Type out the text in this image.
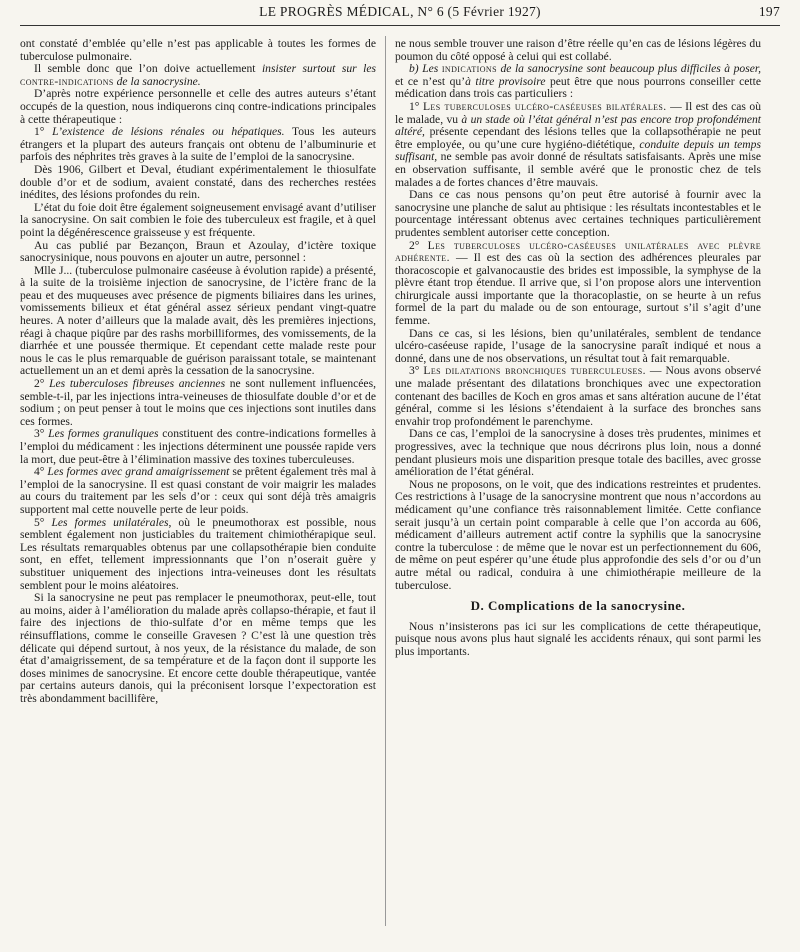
LE PROGRÈS MÉDICAL, N° 6 (5 Février 1927)	197

ont constaté d’emblée qu’elle n’est pas applicable à toutes les formes de tuberculose pulmonaire.

Il semble donc que l’on doive actuellement insister surtout sur les contre-indications de la sanocrysine.

D’après notre expérience personnelle et celle des autres auteurs s’étant occupés de la question, nous indiquerons cinq contre-indications principales à cette thérapeutique :

1° L’existence de lésions rénales ou hépatiques. Tous les auteurs étrangers et la plupart des auteurs français ont obtenu de l’albuminurie et parfois des néphrites très graves à la suite de l’emploi de la sanocrysine.

Dès 1906, Gilbert et Deval, étudiant expérimentalement le thiosulfate double d’or et de sodium, avaient constaté, dans des recherches restées inédites, des lésions profondes du rein.

L’état du foie doit être également soigneusement envisagé avant d’utiliser la sanocrysine. On sait combien le foie des tuberculeux est fragile, et à quel point la dégénérescence graisseuse y est fréquente.

Au cas publié par Bezançon, Braun et Azoulay, d’ictère toxique sanocrysinique, nous pouvons en ajouter un autre, personnel :

Mlle J... (tuberculose pulmonaire caséeuse à évolution rapide) a présenté, à la suite de la troisième injection de sanocrysine, de l’ictère franc de la peau et des muqueuses avec présence de pigments biliaires dans les urines, vomissements bilieux et état général assez sérieux pendant vingt-quatre heures. A noter d’ailleurs que la malade avait, dès les premières injections, réagi à chaque piqûre par des rashs morbilliformes, des vomissements, de la diarrhée et une poussée thermique. Et cependant cette malade reste pour nous le cas le plus remarquable de guérison paraissant totale, se maintenant actuellement un an et demi après la cessation de la sanocrysine.

2° Les tuberculoses fibreuses anciennes ne sont nullement influencées, semble-t-il, par les injections intra-veineuses de thiosulfate double d’or et de sodium ; on peut penser à tout le moins que ces injections sont inutiles dans ces formes.

3° Les formes granuliques constituent des contre-indications formelles à l’emploi du médicament : les injections déterminent une poussée rapide vers la mort, due peut-être à l’élimination massive des toxines tuberculeuses.

4° Les formes avec grand amaigrissement se prêtent également très mal à l’emploi de la sanocrysine. Il est quasi constant de voir maigrir les malades au cours du traitement par les sels d’or : ceux qui sont déjà très amaigris supportent mal cette nouvelle perte de leur poids.

5° Les formes unilatérales, où le pneumothorax est possible, nous semblent également non justiciables du traitement chimiothérapique seul. Les résultats remarquables obtenus par une collapsothérapie bien conduite sont, en effet, tellement impressionnants que l’on n’oserait guère y substituer uniquement des injections intra-veineuses dont les résultats semblent pour le moins aléatoires.

Si la sanocrysine ne peut pas remplacer le pneumothorax, peut-elle, tout au moins, aider à l’amélioration du malade après collapso-thérapie, et faut il faire des injections de thio-sulfate d’or en même temps que les réinsufflations, comme le conseille Gravesen ? C’est là une question très délicate qui dépend surtout, à nos yeux, de la résistance du malade, de son état d’amaigrissement, de sa température et de la façon dont il supporte les doses minimes de sanocrysine. Et encore cette double thérapeutique, vantée par certains auteurs danois, qui la préconisent lorsque l’expectoration est très abondamment bacillifère,

ne nous semble trouver une raison d’être réelle qu’en cas de lésions légères du poumon du côté opposé à celui qui est collabé.

b) Les indications de la sanocrysine sont beaucoup plus difficiles à poser, et ce n’est qu’à titre provisoire peut être que nous pourrons conseiller cette médication dans trois cas particuliers :

1° Les tuberculoses ulcéro-caséeuses bilatérales. — Il est des cas où le malade, vu à un stade où l’état général n’est pas encore trop profondément altéré, présente cependant des lésions telles que la collapsothérapie ne peut être employée, ou qu’une cure hygiéno-diététique, conduite depuis un temps suffisant, ne semble pas avoir donné de résultats satisfaisants. Après une mise en observation suffisante, il semble avéré que le pronostic chez de tels malades a de fortes chances d’être mauvais.

Dans ce cas nous pensons qu’on peut être autorisé à fournir avec la sanocrysine une planche de salut au phtisique : les résultats incontestables et le pourcentage intéressant obtenus avec certaines techniques particulièrement prudentes semblent autoriser cette conception.

2° Les tuberculoses ulcéro-caséeuses unilatérales avec plèvre adhérente. — Il est des cas où la section des adhérences pleurales par thoracoscopie et galvanocaustie des brides est impossible, la symphyse de la plèvre étant trop étendue. Il arrive que, si l’on propose alors une intervention chirurgicale aussi importante que la thoracoplastie, on se heurte à un refus formel de la part du malade ou de son entourage, surtout s’il s’agit d’une femme.

Dans ce cas, si les lésions, bien qu’unilatérales, semblent de tendance ulcéro-caséeuse rapide, l’usage de la sanocrysine paraît indiqué et nous a donné, dans une de nos observations, un résultat tout à fait remarquable.

3° Les dilatations bronchiques tuberculeuses. — Nous avons observé une malade présentant des dilatations bronchiques avec une expectoration contenant des bacilles de Koch en gros amas et sans altération aucune de l’état général, comme si les lésions s’étendaient à la surface des bronches sans envahir trop profondément le parenchyme.

Dans ce cas, l’emploi de la sanocrysine à doses très prudentes, minimes et progressives, avec la technique que nous décrirons plus loin, nous a donné pendant plusieurs mois une disparition presque totale des bacilles, avec grosse amélioration de l’état général.

Nous ne proposons, on le voit, que des indications restreintes et prudentes. Ces restrictions à l’usage de la sanocrysine montrent que nous n’accordons au médicament qu’une confiance très raisonnablement limitée. Cette confiance serait jusqu’à un certain point comparable à celle que l’on accorda au 606, médicament d’ailleurs autrement actif contre la syphilis que la sanocrysine contre la tuberculose : de même que le novar est un perfectionnement du 606, de même on peut espérer qu’une étude plus approfondie des sels d’or ou d’un autre métal ou radical, conduira à une chimiothérapie meilleure de la tuberculose.

D. Complications de la sanocrysine.

Nous n’insisterons pas ici sur les complications de cette thérapeutique, puisque nous avons plus haut signalé les accidents rénaux, qui sont parmi les plus importants.
